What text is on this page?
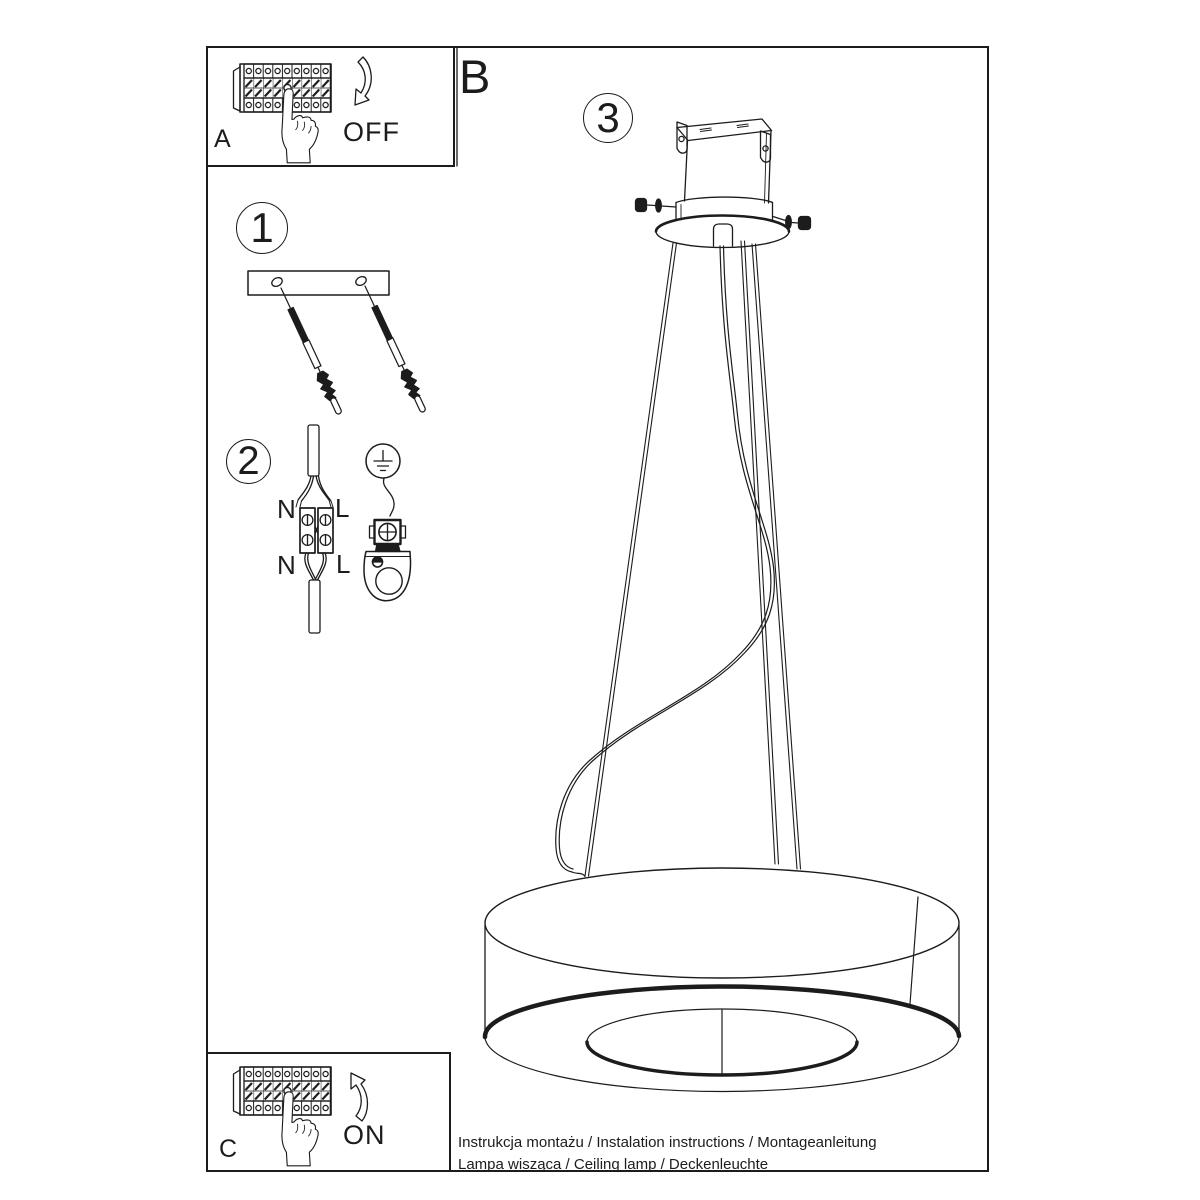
A	OFF
B
C	ON
1
2
3
N L
N L
Instrukcja montażu / Instalation instructions / Montageanleitung
Lampa wisząca / Ceiling lamp / Deckenleuchte
